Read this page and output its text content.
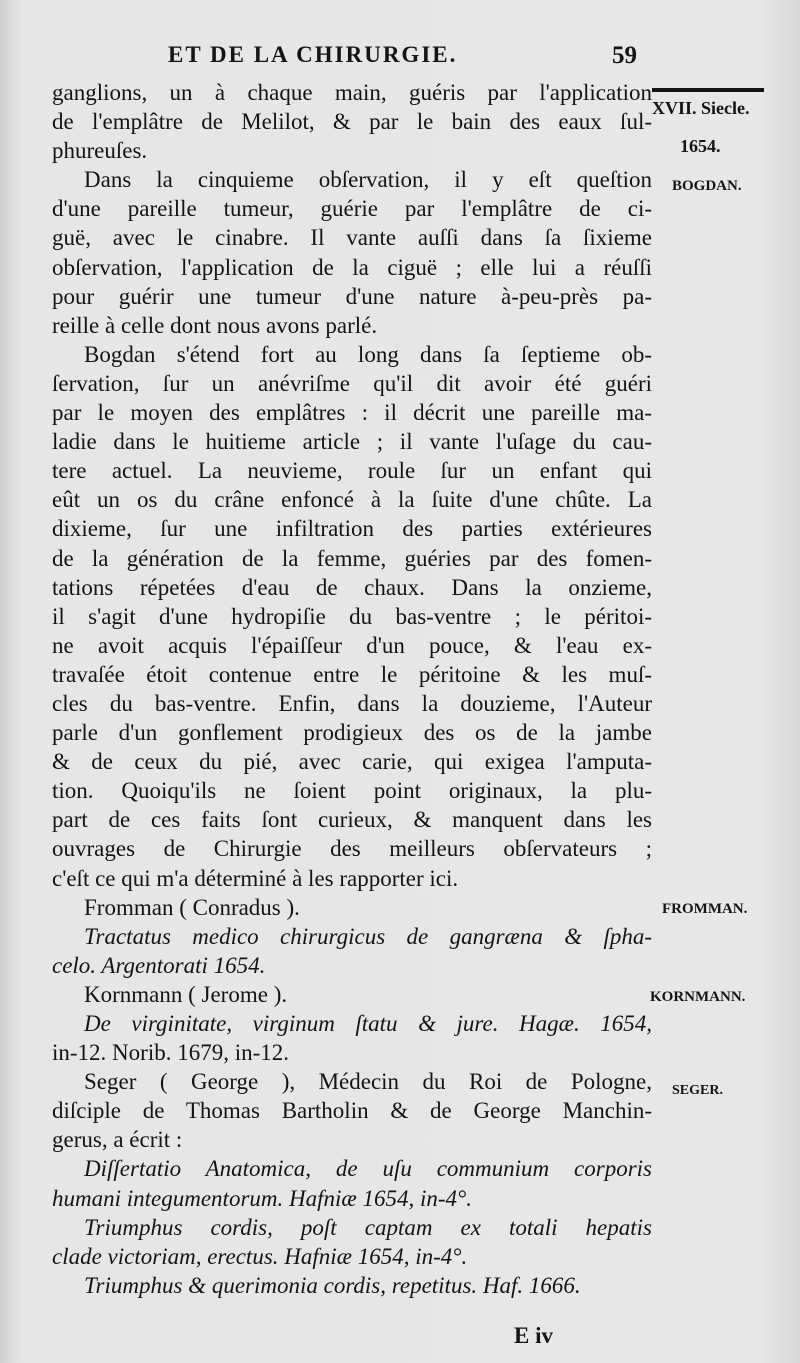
ET DE LA CHIRURGIE.	59
XVII. Siecle.
1654.
BOGDAN.
FROMMAN.
KORNMANN.
SEGER.
ganglions, un à chaque main, guéris par l'application
de l'emplâtre de Melilot, & par le bain des eaux ſul-
phureuſes.
Dans la cinquieme obſervation, il y eſt queſtion
d'une pareille tumeur, guérie par l'emplâtre de ci-
guë, avec le cinabre. Il vante auſſi dans ſa ſixieme
obſervation, l'application de la ciguë ; elle lui a réuſſi
pour guérir une tumeur d'une nature à-peu-près pa-
reille à celle dont nous avons parlé.
Bogdan s'étend fort au long dans ſa ſeptieme ob-
ſervation, ſur un anévriſme qu'il dit avoir été guéri
par le moyen des emplâtres : il décrit une pareille ma-
ladie dans le huitieme article ; il vante l'uſage du cau-
tere actuel. La neuvieme, roule ſur un enfant qui
eût un os du crâne enfoncé à la ſuite d'une chûte. La
dixieme, ſur une infiltration des parties extérieures
de la génération de la femme, guéries par des fomen-
tations répetées d'eau de chaux. Dans la onzieme,
il s'agit d'une hydropiſie du bas-ventre ; le péritoi-
ne avoit acquis l'épaiſſeur d'un pouce, & l'eau ex-
travaſée étoit contenue entre le péritoine & les muſ-
cles du bas-ventre. Enfin, dans la douzieme, l'Auteur
parle d'un gonflement prodigieux des os de la jambe
& de ceux du pié, avec carie, qui exigea l'amputa-
tion. Quoiqu'ils ne ſoient point originaux, la plu-
part de ces faits ſont curieux, & manquent dans les
ouvrages de Chirurgie des meilleurs obſervateurs ;
c'eſt ce qui m'a déterminé à les rapporter ici.
Fromman ( Conradus ).
Tractatus medico chirurgicus de gangræna & ſpha-
celo. Argentorati 1654.
Kornmann ( Jerome ).
De virginitate, virginum ſtatu & jure. Hagæ. 1654,
in-12. Norib. 1679, in-12.
Seger ( George ), Médecin du Roi de Pologne,
diſciple de Thomas Bartholin & de George Manchin-
gerus, a écrit :
Diſſertatio Anatomica, de uſu communium corporis
humani integumentorum. Hafniæ 1654, in-4°.
Triumphus cordis, poſt captam ex totali hepatis
clade victoriam, erectus. Hafniæ 1654, in-4°.
Triumphus & querimonia cordis, repetitus. Haf. 1666.
E iv
